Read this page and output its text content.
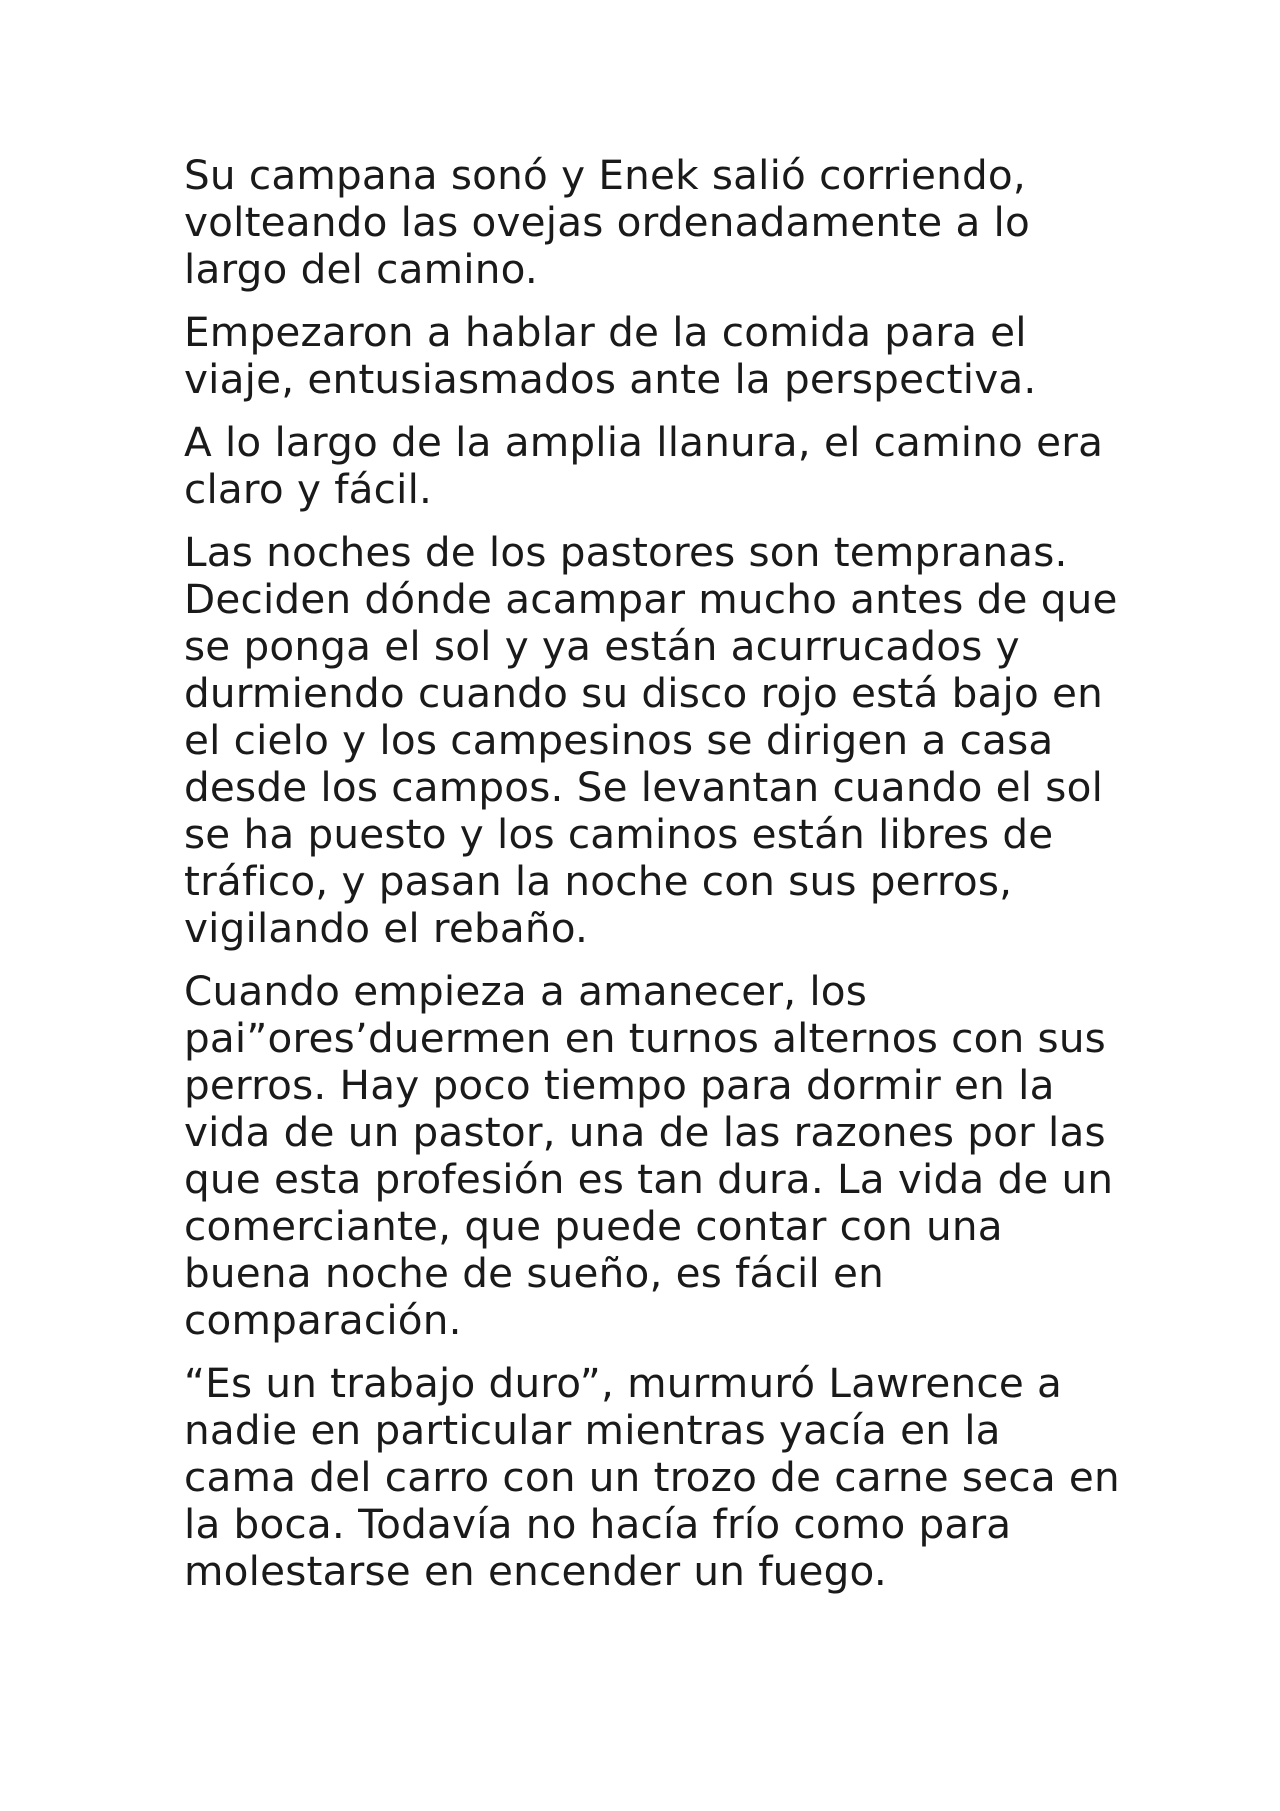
Su campana sonó y Enek salió corriendo, volteando las ovejas ordenadamente a lo largo del camino.

Empezaron a hablar de la comida para el viaje, entusiasmados ante la perspectiva.

A lo largo de la amplia llanura, el camino era claro y fácil.

Las noches de los pastores son tempranas. Deciden dónde acampar mucho antes de que se ponga el sol y ya están acurrucados y durmiendo cuando su disco rojo está bajo en el cielo y los campesinos se dirigen a casa desde los campos. Se levantan cuando el sol se ha puesto y los caminos están libres de tráfico, y pasan la noche con sus perros, vigilando el rebaño.

Cuando empieza a amanecer, los pai”ores’duermen en turnos alternos con sus perros. Hay poco tiempo para dormir en la vida de un pastor, una de las razones por las que esta profesión es tan dura. La vida de un comerciante, que puede contar con una buena noche de sueño, es fácil en comparación.

“Es un trabajo duro”, murmuró Lawrence a nadie en particular mientras yacía en la cama del carro con un trozo de carne seca en la boca. Todavía no hacía frío como para molestarse en encender un fuego.
